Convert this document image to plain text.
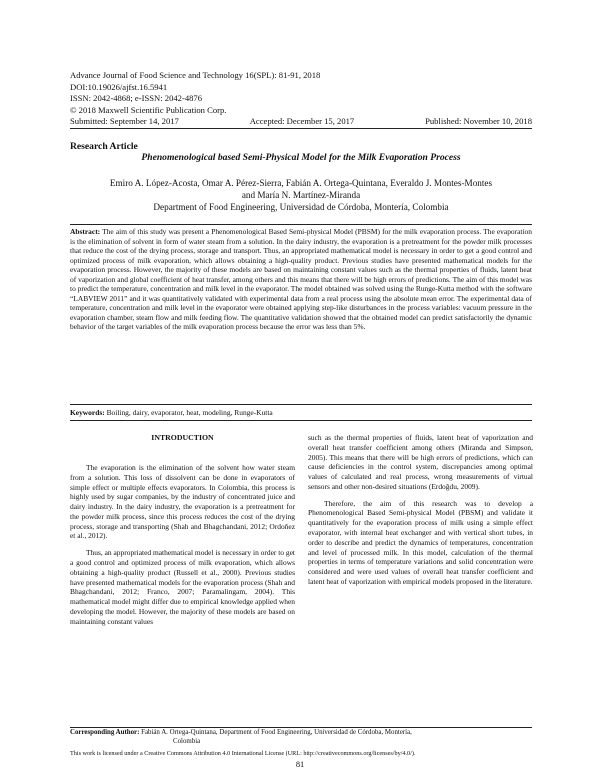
Advance Journal of Food Science and Technology 16(SPL): 81-91, 2018
DOI:10.19026/ajfst.16.5941
ISSN: 2042-4868; e-ISSN: 2042-4876
© 2018 Maxwell Scientific Publication Corp.
Submitted: September 14, 2017	Accepted: December 15, 2017	Published: November 10, 2018
Research Article
Phenomenological based Semi-Physical Model for the Milk Evaporation Process
Emiro A. López-Acosta, Omar A. Pérez-Sierra, Fabián A. Ortega-Quintana, Everaldo J. Montes-Montes
and María N. Martínez-Miranda
Department of Food Engineering, Universidad de Córdoba, Montería, Colombia
Abstract: The aim of this study was present a Phenomenological Based Semi-physical Model (PBSM) for the milk evaporation process. The evaporation is the elimination of solvent in form of water steam from a solution. In the dairy industry, the evaporation is a pretreatment for the powder milk processes that reduce the cost of the drying process, storage and transport. Thus, an appropriated mathematical model is necessary in order to get a good control and optimized process of milk evaporation, which allows obtaining a high-quality product. Previous studies have presented mathematical models for the evaporation process. However, the majority of these models are based on maintaining constant values such as the thermal properties of fluids, latent heat of vaporization and global coefficient of heat transfer, among others and this means that there will be high errors of predictions. The aim of this model was to predict the temperature, concentration and milk level in the evaporator. The model obtained was solved using the Runge-Kutta method with the software “LABVIEW 2011” and it was quantitatively validated with experimental data from a real process using the absolute mean error. The experimental data of temperature, concentration and milk level in the evaporator were obtained applying step-like disturbances in the process variables: vacuum pressure in the evaporation chamber, steam flow and milk feeding flow. The quantitative validation showed that the obtained model can predict satisfactorily the dynamic behavior of the target variables of the milk evaporation process because the error was less than 5%.
Keywords: Boiling, dairy, evaporator, heat, modeling, Runge-Kutta
INTRODUCTION

The evaporation is the elimination of the solvent how water steam from a solution. This loss of dissolvent can be done in evaporators of simple effect or multiple effects evaporators. In Colombia, this process is highly used by sugar companies, by the industry of concentrated juice and dairy industry. In the dairy industry, the evaporation is a pretreatment for the powder milk process, since this process reduces the cost of the drying process, storage and transporting (Shah and Bhagchandani, 2012; Ordoñez et al., 2012).

Thus, an appropriated mathematical model is necessary in order to get a good control and optimized process of milk evaporation, which allows obtaining a high-quality product (Russell et al., 2000). Previous studies have presented mathematical models for the evaporation process (Shah and Bhagchandani, 2012; Franco, 2007; Paramalingam, 2004). This mathematical model might differ due to empirical knowledge applied when developing the model. However, the majority of these models are based on maintaining constant values

such as the thermal properties of fluids, latent heat of vaporization and overall heat transfer coefficient among others (Miranda and Simpson, 2005). This means that there will be high errors of predictions, which can cause deficiencies in the control system, discrepancies among optimal values of calculated and real process, wrong measurements of virtual sensors and other non-desired situations (Erdoğdu, 2009).

Therefore, the aim of this research was to develop a Phenomenological Based Semi-physical Model (PBSM) and validate it quantitatively for the evaporation process of milk using a simple effect evaporator, with internal heat exchanger and with vertical short tubes, in order to describe and predict the dynamics of temperatures, concentration and level of processed milk. In this model, calculation of the thermal properties in terms of temperature variations and solid concentration were considered and were used values of overall heat transfer coefficient and latent heat of vaporization with empirical models proposed in the literature.

Corresponding Author: Fabián A. Ortega-Quintana, Department of Food Engineering, Universidad de Córdoba, Montería,
Colombia
This work is licensed under a Creative Commons Attribution 4.0 International License (URL: http://creativecommons.org/licenses/by/4.0/).
81
